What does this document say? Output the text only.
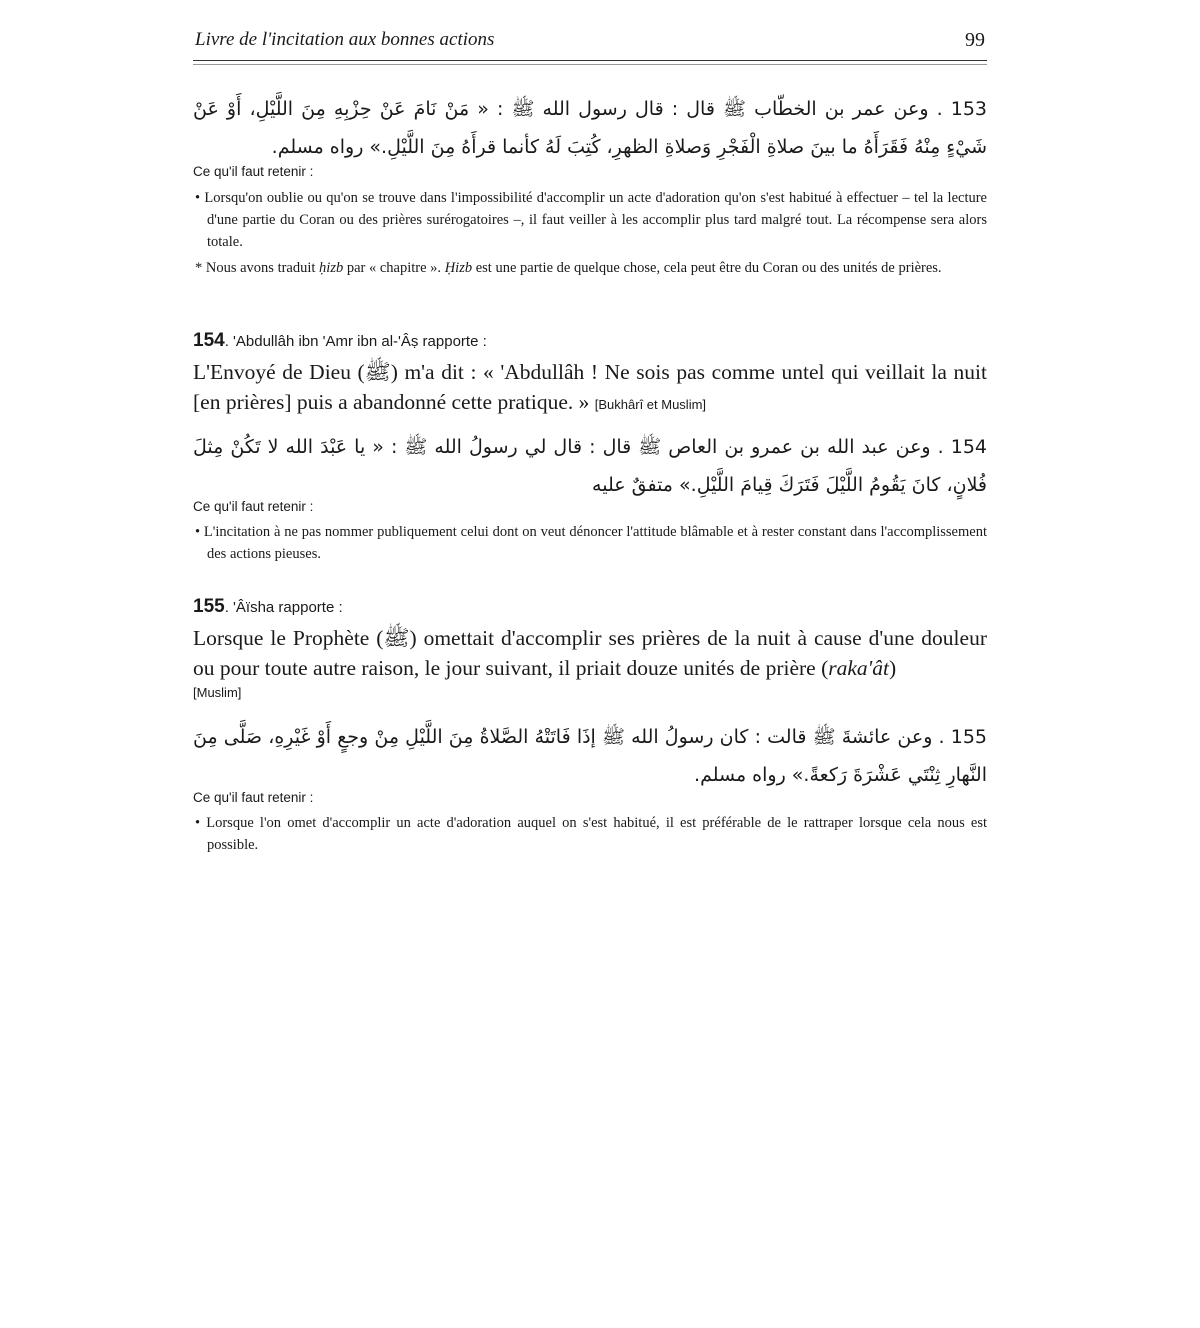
Livre de l'incitation aux bonnes actions	99

153 . وعن عمر بن الخطّاب ﷺ قال : قال رسول الله ﷺ : « مَنْ نَامَ عَنْ حِزْبِهِ مِنَ اللَّيْلِ، أَوْ عَنْ شَيْءٍ مِنْهُ فَقَرَأَهُ ما بينَ صلاةِ الْفَجْرِ وَصلاةِ الظهرِ، كُتِبَ لَهُ كأنما قرأَهُ مِنَ اللَّيْلِ.» رواه مسلم.

Ce qu'il faut retenir :

• Lorsqu'on oublie ou qu'on se trouve dans l'impossibilité d'accomplir un acte d'adoration qu'on s'est habitué à effectuer – tel la lecture d'une partie du Coran ou des prières surérogatoires –, il faut veiller à les accomplir plus tard malgré tout. La récompense sera alors totale.

* Nous avons traduit ḥizb par « chapitre ». Ḥizb est une partie de quelque chose, cela peut être du Coran ou des unités de prières.

154. 'Abdullâh ibn 'Amr ibn al-'Âṣ rapporte :

L'Envoyé de Dieu (ﷺ) m'a dit : « 'Abdullâh ! Ne sois pas comme untel qui veillait la nuit [en prières] puis a abandonné cette pratique. » [Bukhârî et Muslim]

154 . وعن عبد الله بن عمرو بن العاص ﷺ قال : قال لي رسولُ الله ﷺ : « يا عَبْدَ الله لا تَكُنْ مِثلَ فُلانٍ، كانَ يَقُومُ اللَّيْلَ فَتَرَكَ قِيامَ اللَّيْلِ.» متفقٌ عليه

Ce qu'il faut retenir :

• L'incitation à ne pas nommer publiquement celui dont on veut dénoncer l'attitude blâmable et à rester constant dans l'accomplissement des actions pieuses.

155. 'Âïsha rapporte :

Lorsque le Prophète (ﷺ) omettait d'accomplir ses prières de la nuit à cause d'une douleur ou pour toute autre raison, le jour suivant, il priait douze unités de prière (raka'ât)

[Muslim]

155 . وعن عائشةَ ﷺ قالت : كان رسولُ الله ﷺ إذَا فَاتَتْهُ الصَّلاةُ مِنَ اللَّيْلِ مِنْ وجعٍ أَوْ غَيْرِهِ، صَلَّى مِنَ النَّهارِ ثِنْتَي عَشْرَةَ رَكعةً.» رواه مسلم.

Ce qu'il faut retenir :

• Lorsque l'on omet d'accomplir un acte d'adoration auquel on s'est habitué, il est préférable de le rattraper lorsque cela nous est possible.
